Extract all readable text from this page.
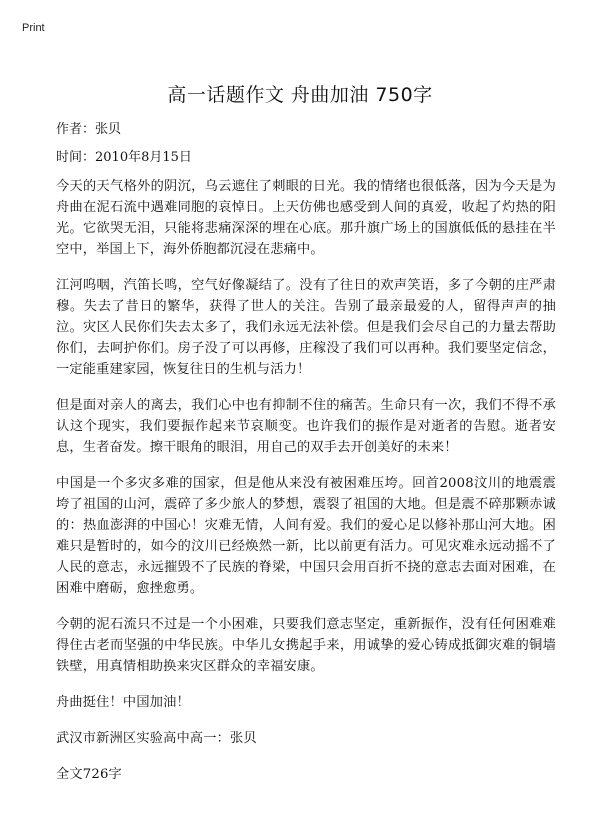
Print

高一话题作文 舟曲加油 750字

作者：张贝

时间：2010年8月15日

今天的天气格外的阴沉，乌云遮住了刺眼的日光。我的情绪也很低落，因为今天是为舟曲在泥石流中遇难同胞的哀悼日。上天仿佛也感受到人间的真爱，收起了灼热的阳光。它欲哭无泪，只能将悲痛深深的埋在心底。那升旗广场上的国旗低低的悬挂在半空中，举国上下，海外侨胞都沉浸在悲痛中。

江河呜咽，汽笛长鸣，空气好像凝结了。没有了往日的欢声笑语，多了今朝的庄严肃穆。失去了昔日的繁华，获得了世人的关注。告别了最亲最爱的人，留得声声的抽泣。灾区人民你们失去太多了，我们永远无法补偿。但是我们会尽自己的力量去帮助你们，去呵护你们。房子没了可以再修，庄稼没了我们可以再种。我们要坚定信念，一定能重建家园，恢复往日的生机与活力！

但是面对亲人的离去，我们心中也有抑制不住的痛苦。生命只有一次，我们不得不承认这个现实，我们要振作起来节哀顺变。也许我们的振作是对逝者的告慰。逝者安息，生者奋发。擦干眼角的眼泪，用自己的双手去开创美好的未来！

中国是一个多灾多难的国家，但是他从来没有被困难压垮。回首2008汶川的地震震垮了祖国的山河，震碎了多少旅人的梦想，震裂了祖国的大地。但是震不碎那颗赤诚的：热血澎湃的中国心！灾难无情，人间有爱。我们的爱心足以修补那山河大地。困难只是暂时的，如今的汶川已经焕然一新，比以前更有活力。可见灾难永远动摇不了人民的意志，永远摧毁不了民族的脊梁，中国只会用百折不挠的意志去面对困难，在困难中磨砺，愈挫愈勇。

今朝的泥石流只不过是一个小困难，只要我们意志坚定，重新振作，没有任何困难难得住古老而坚强的中华民族。中华儿女携起手来，用诚挚的爱心铸成抵御灾难的铜墙铁壁，用真情相助换来灾区群众的幸福安康。

舟曲挺住！中国加油！

武汉市新洲区实验高中高一：张贝

全文726字
